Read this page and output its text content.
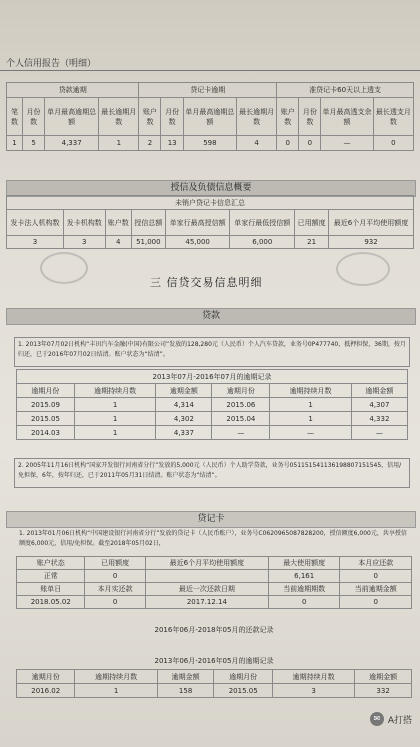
个人信用报告（明细）
贷款逾期				贷记卡逾期				准贷记卡60天以上透支			
笔数	月份数	单月最高逾期总额	最长逾期月数	账户数	月份数	单月最高逾期总额	最长逾期月数	账户数	月份数	单月最高透支余额	最长透支月数
1	5	4,337	1	2	13	598	4	0	0	—	0
授信及负债信息概要
未销户贷记卡信息汇总							
发卡法人机构数	发卡机构数	账户数	授信总额	单家行最高授信额	单家行最低授信额	已用额度	最近6个月平均使用额度
3	3	4	51,000	45,000	6,000	21	932
三 信贷交易信息明细
贷款
1. 2013年07月02日机构“丰田汽车金融(中国)有限公司”发放的128,280元（人民币）个人汽车贷款，业务号0P477740，抵押担保，36期，按月归还，已于2016年07月02日结清。账户状态为“结清”。
2013年07月-2016年07月的逾期记录					
逾期月份	逾期持续月数	逾期金额	逾期月份	逾期持续月数	逾期金额
2015.09	1	4,314	2015.06	1	4,307
2015.05	1	4,302	2015.04	1	4,332
2014.03	1	4,337	—	—	—
2. 2005年11月16日机构“国家开发银行河南省分行”发放的5,000元（人民币）个人助学贷款，业务号051151541136198807151545，信用/免担保，6年，按年归还，已于2011年05月31日结清。账户状态为“结清”。
贷记卡
1. 2013年01月06日机构“中国建设银行河南省分行”发放的贷记卡（人民币账户），业务号C0620965087828200，授信额度6,000元，共享授信额度6,000元，信用/免担保。截至2018年05月02日，
账户状态	已用额度	最近6个月平均使用额度	最大使用额度	本月应还款
正常	0		6,161	0
账单日	本月实还款	最近一次还款日期	当前逾期期数	当前逾期金额
2018.05.02	0	2017.12.14	0	0
2016年06月-2018年05月的还款记录
2013年06月-2016年05月的逾期记录
逾期月份	逾期持续月数	逾期金额	逾期月份	逾期持续月数	逾期金额
2016.02	1	158	2015.05	3	332
✉ A打搭
